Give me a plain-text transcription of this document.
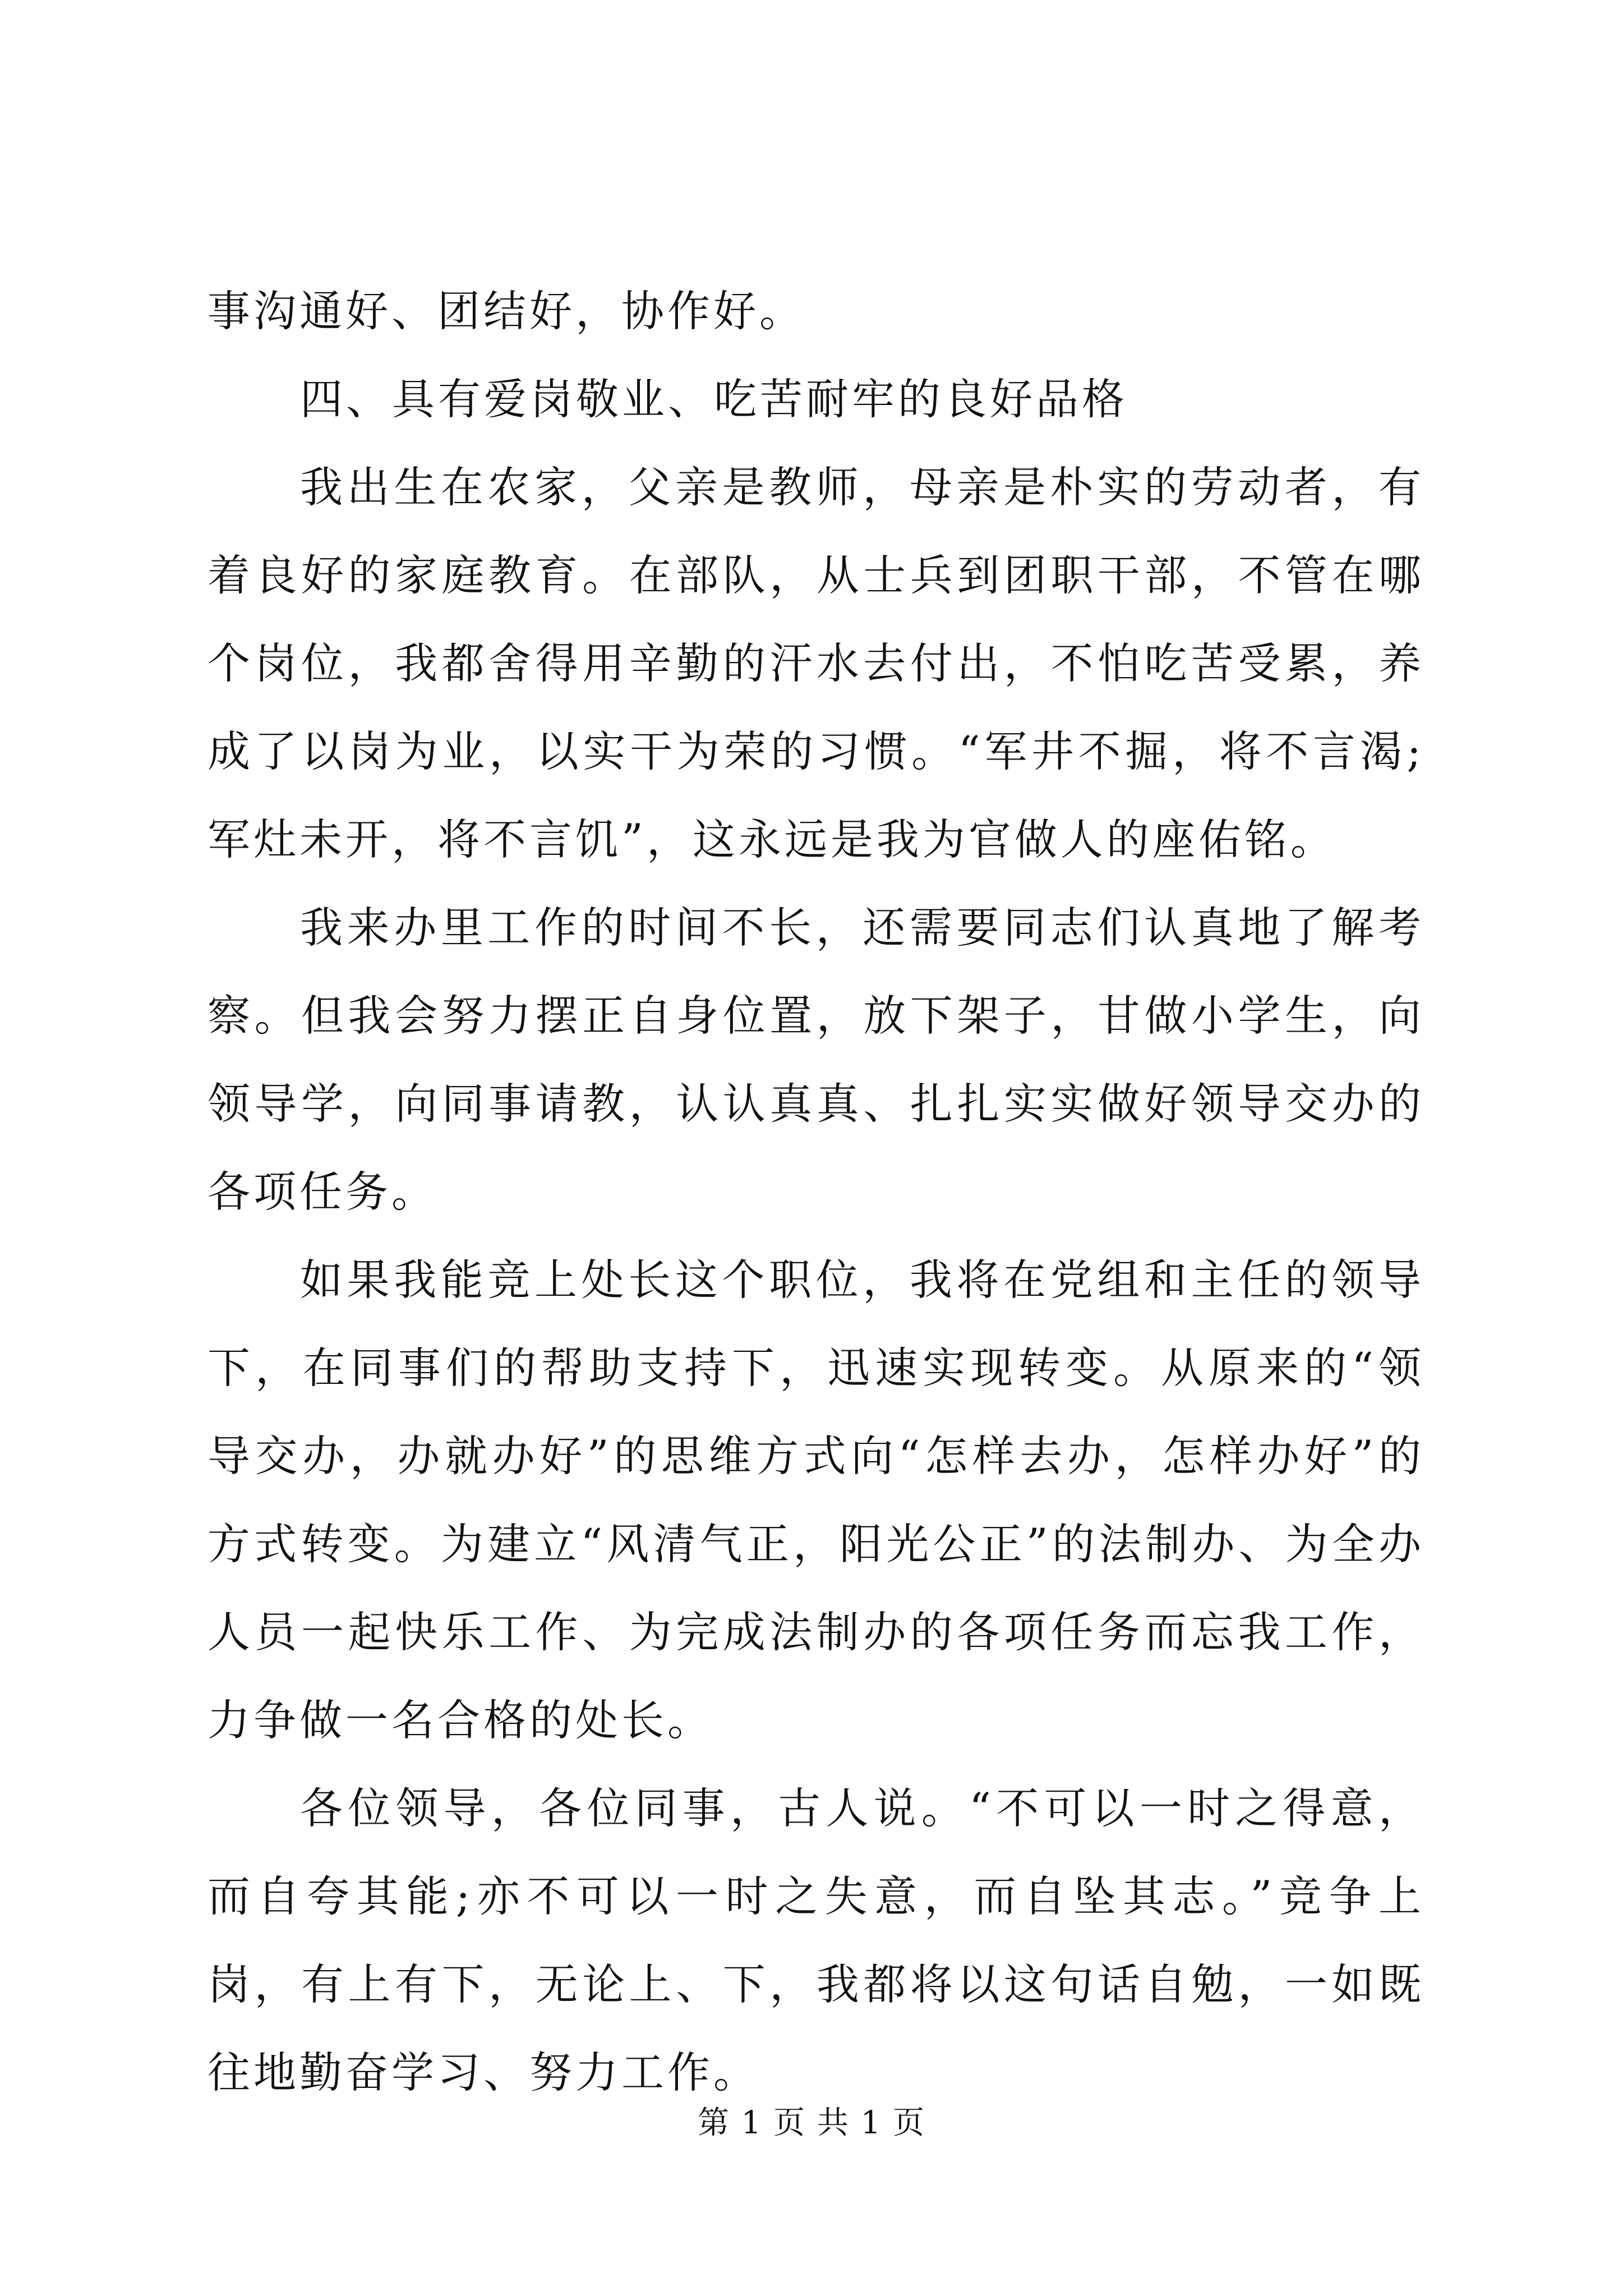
事沟通好、团结好，协作好。

四、具有爱岗敬业、吃苦耐牢的良好品格

我出生在农家，父亲是教师，母亲是朴实的劳动者，有着良好的家庭教育。在部队，从士兵到团职干部，不管在哪个岗位，我都舍得用辛勤的汗水去付出，不怕吃苦受累，养成了以岗为业，以实干为荣的习惯。“军井不掘，将不言渴;军灶未开，将不言饥”，这永远是我为官做人的座佑铭。

我来办里工作的时间不长，还需要同志们认真地了解考察。但我会努力摆正自身位置，放下架子，甘做小学生，向领导学，向同事请教，认认真真、扎扎实实做好领导交办的各项任务。

如果我能竞上处长这个职位，我将在党组和主任的领导下，在同事们的帮助支持下，迅速实现转变。从原来的“领导交办，办就办好”的思维方式向“怎样去办，怎样办好”的方式转变。为建立“风清气正，阳光公正”的法制办、为全办人员一起快乐工作、为完成法制办的各项任务而忘我工作，力争做一名合格的处长。

各位领导，各位同事，古人说。“不可以一时之得意，而自夸其能;亦不可以一时之失意，而自坠其志。”竞争上岗，有上有下，无论上、下，我都将以这句话自勉，一如既往地勤奋学习、努力工作。

第 1 页 共 1 页
